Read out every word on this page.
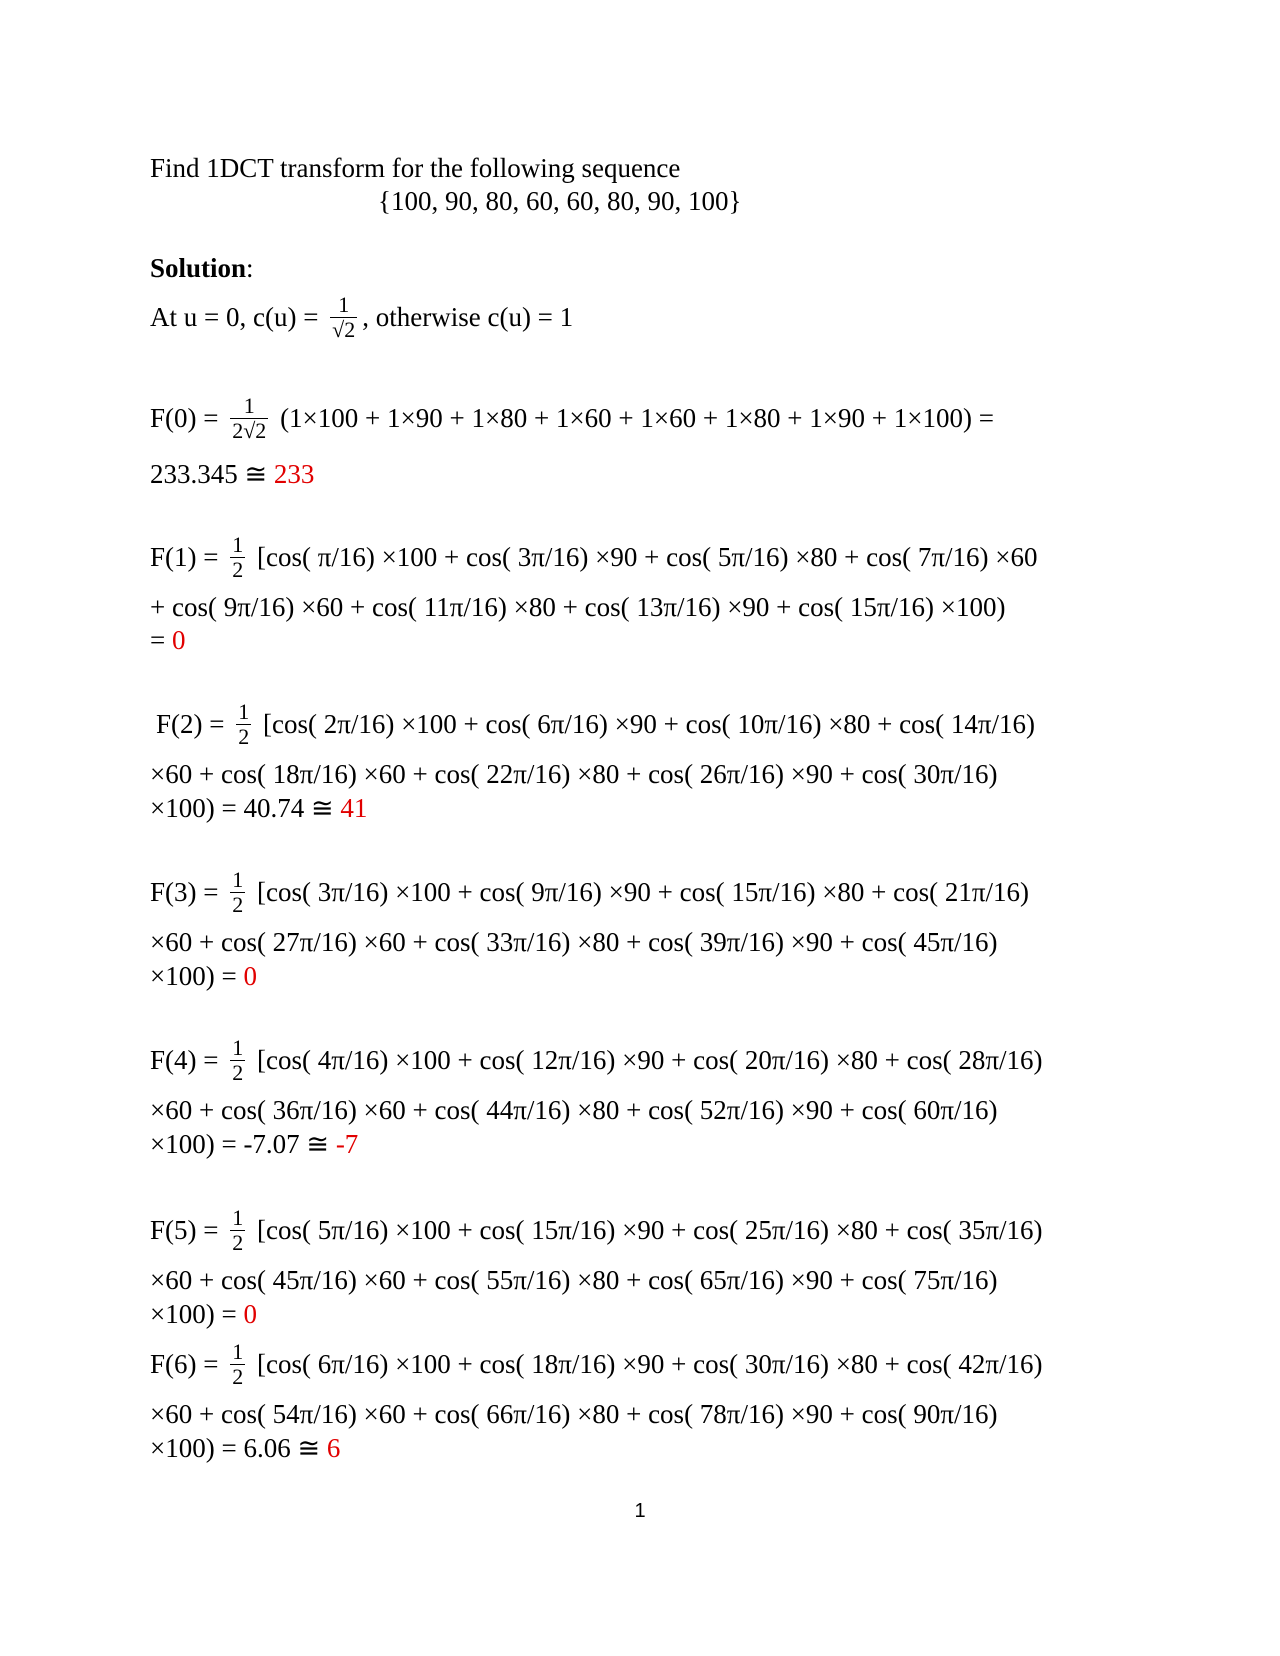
Find 1DCT transform for the following sequence
{100, 90, 80, 60, 60, 80, 90, 100}
Solution:
At u = 0, $c(u) = \frac{1}{√2}$ , otherwise c(u) = 1
$F(0) = \frac{1}{2√2} (1\times 100 + 1\times 90 + 1\times 80 + 1\times 60 + 1\times 60 + 1\times 80 + 1\times 90 + 1\times 100)$ =
233.345 ≅ 233
$F(1) = \frac{1}{2} [\cos$( π/16) ×100 + cos( 3π/16) ×90 + cos( 5π/16) ×80 + cos( 7π/16) ×60
+ cos( 9π/16) ×60 + cos( 11π/16) ×80 + cos( 13π/16) ×90 + cos( 15π/16) ×100)
= 0
$F(2) = \frac{1}{2} [\cos$( 2π/16) ×100 + cos( 6π/16) ×90 + cos( 10π/16) ×80 + cos( 14π/16)
×60 + cos( 18π/16) ×60 + cos( 22π/16) ×80 + cos( 26π/16) ×90 + cos( 30π/16)
×100) = 40.74 ≅ 41
$F(3) = \frac{1}{2} [\cos$( 3π/16) ×100 + cos( 9π/16) ×90 + cos( 15π/16) ×80 + cos( 21π/16)
×60 + cos( 27π/16) ×60 + cos( 33π/16) ×80 + cos( 39π/16) ×90 + cos( 45π/16)
×100) = 0
$F(4) = \frac{1}{2} [\cos$( 4π/16) ×100 + cos( 12π/16) ×90 + cos( 20π/16) ×80 + cos( 28π/16)
×60 + cos( 36π/16) ×60 + cos( 44π/16) ×80 + cos( 52π/16) ×90 + cos( 60π/16)
×100) = -7.07 ≅ -7
$F(5) = \frac{1}{2} [\cos$( 5π/16) ×100 + cos( 15π/16) ×90 + cos( 25π/16) ×80 + cos( 35π/16)
×60 + cos( 45π/16) ×60 + cos( 55π/16) ×80 + cos( 65π/16) ×90 + cos( 75π/16)
×100) = 0
$F(6) = \frac{1}{2} [\cos$( 6π/16) ×100 + cos( 18π/16) ×90 + cos( 30π/16) ×80 + cos( 42π/16)
×60 + cos( 54π/16) ×60 + cos( 66π/16) ×80 + cos( 78π/16) ×90 + cos( 90π/16)
×100) = 6.06 ≅ 6
1
